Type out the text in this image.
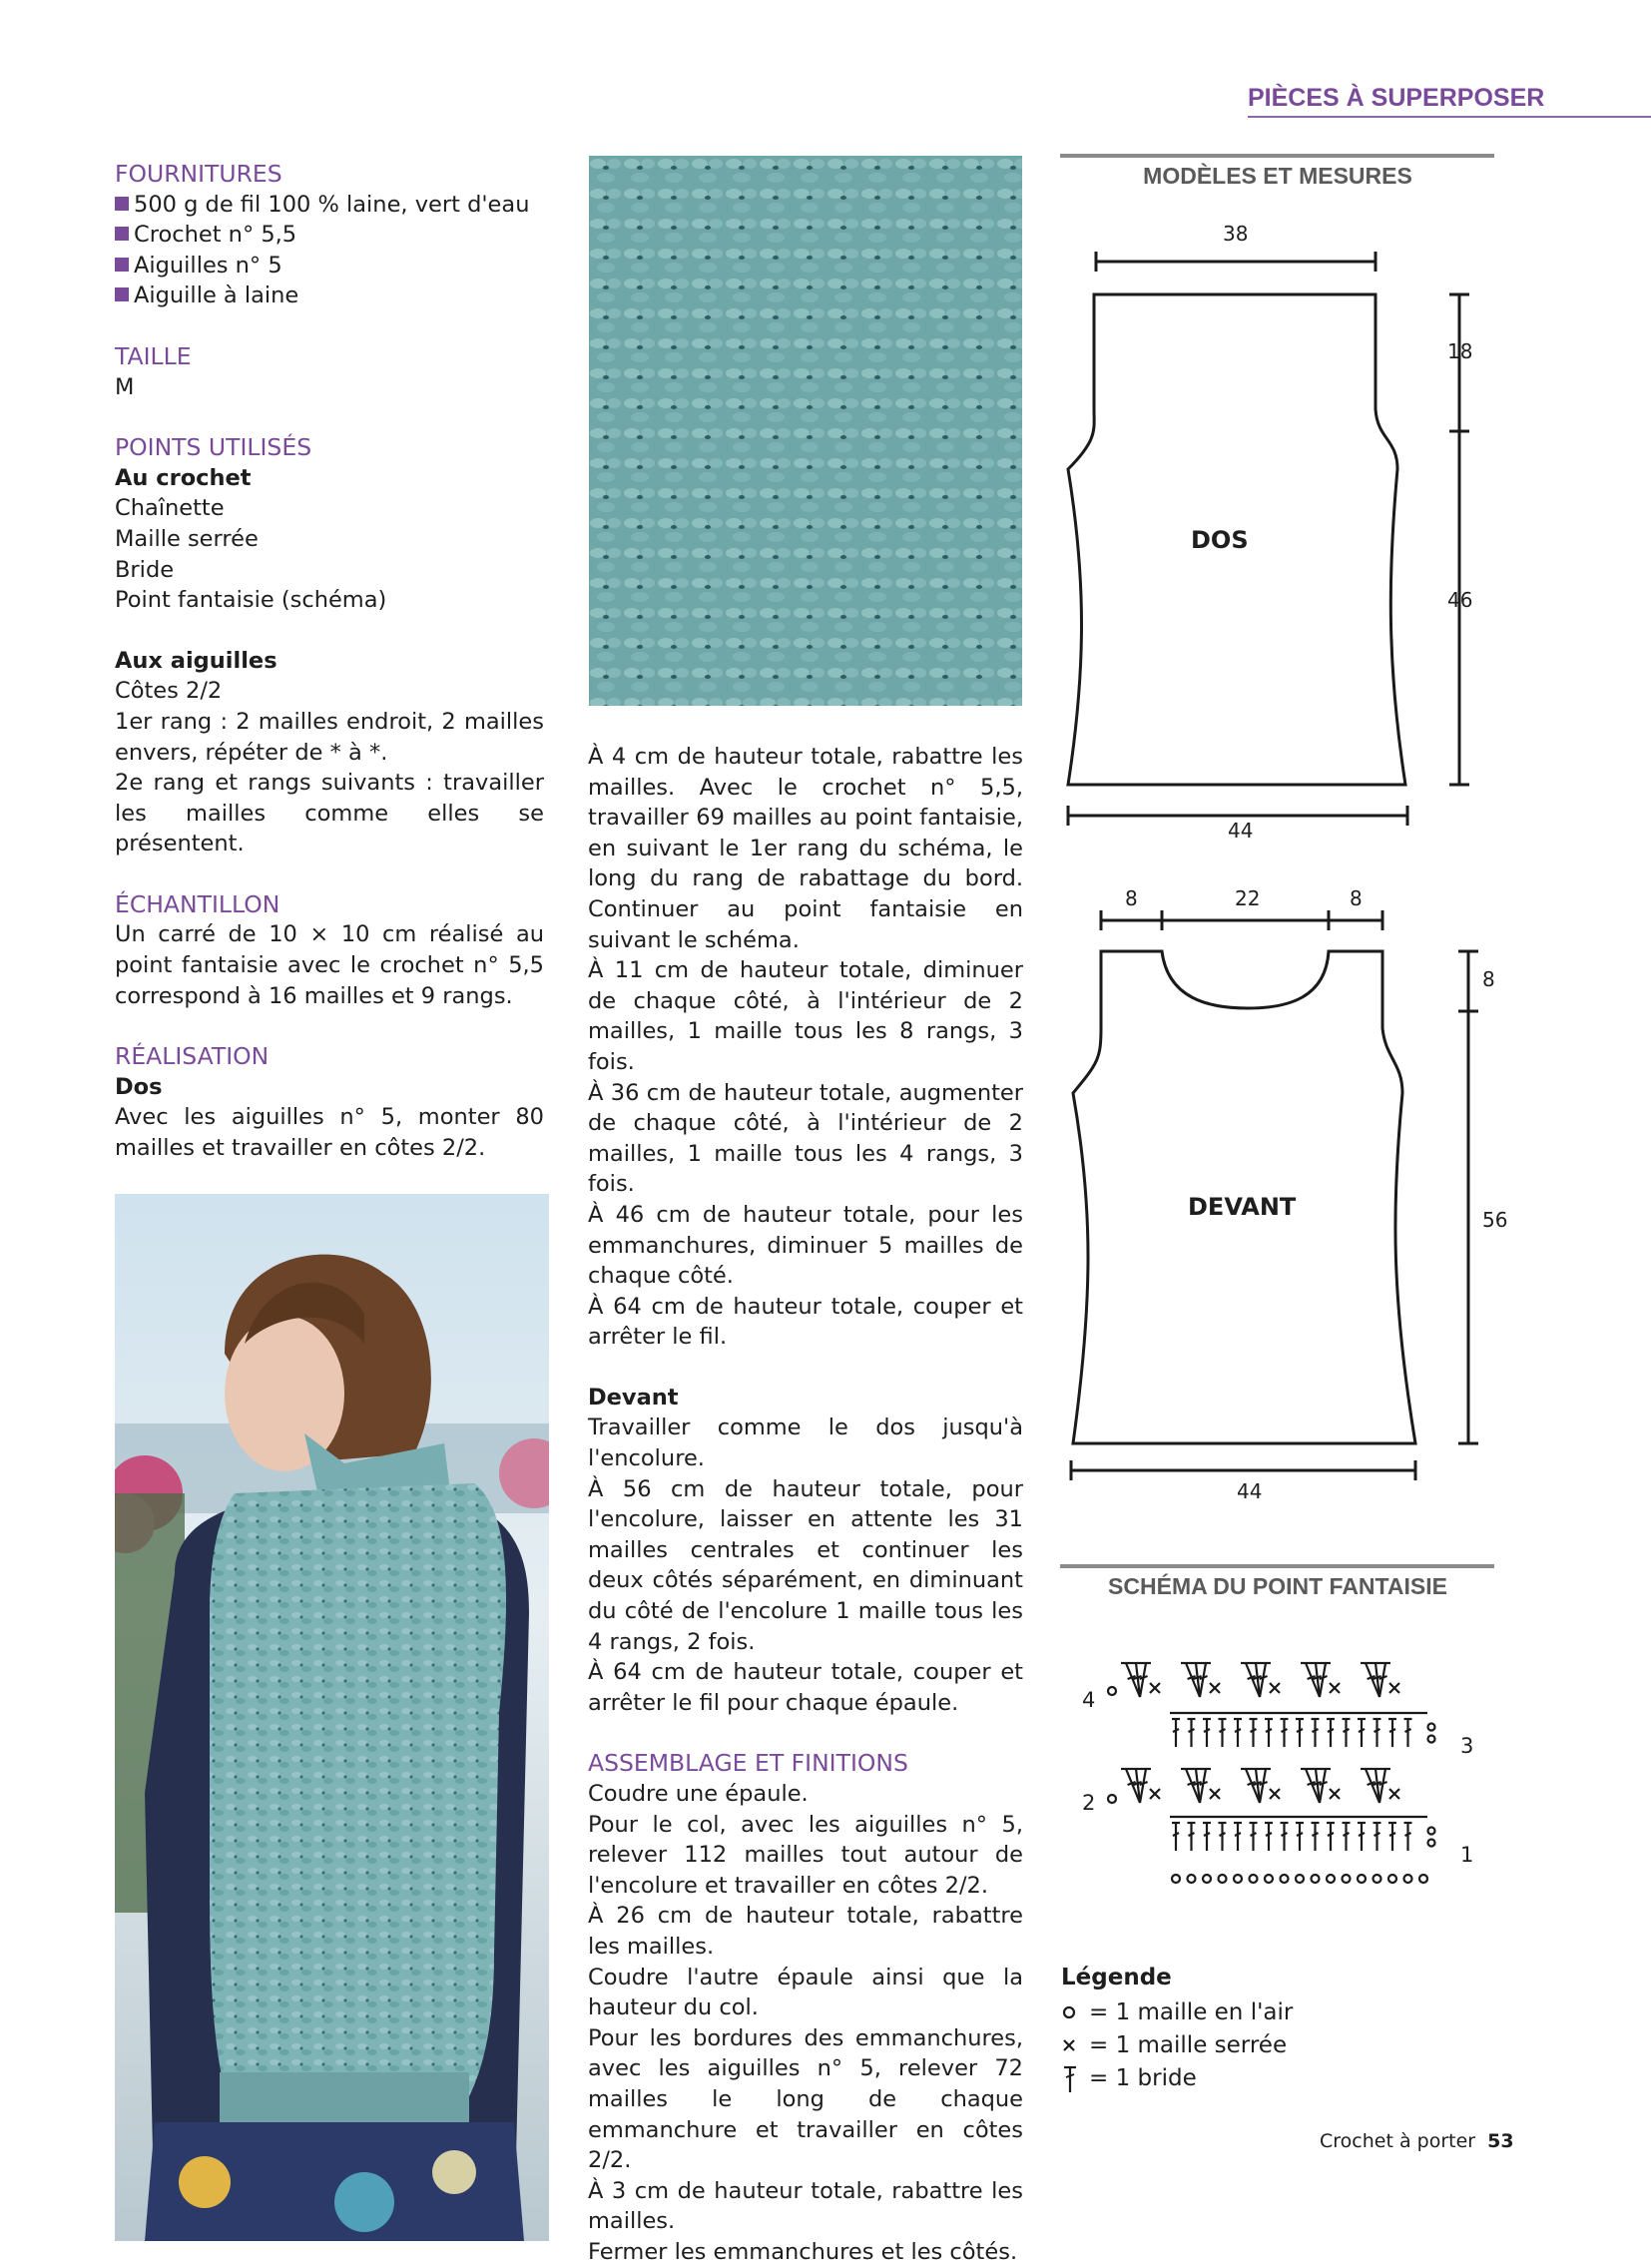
PIÈCES À SUPERPOSER
FOURNITURES
500 g de fil 100 % laine, vert d'eau
Crochet n° 5,5
Aiguilles n° 5
Aiguille à laine
TAILLE
M
POINTS UTILISÉS
Au crochet
Chaînette
Maille serrée
Bride
Point fantaisie (schéma)
Aux aiguilles
Côtes 2/2
1er rang : 2 mailles endroit, 2 mailles envers, répéter de * à *.
2e rang et rangs suivants : travailler les mailles comme elles se présentent.
ÉCHANTILLON
Un carré de 10 × 10 cm réalisé au point fantaisie avec le crochet n° 5,5 correspond à 16 mailles et 9 rangs.
RÉALISATION
Dos
Avec les aiguilles n° 5, monter 80 mailles et travailler en côtes 2/2.
À 4 cm de hauteur totale, rabattre les mailles. Avec le crochet n° 5,5, travailler 69 mailles au point fantaisie, en suivant le 1er rang du schéma, le long du rang de rabattage du bord. Continuer au point fantaisie en suivant le schéma.
À 11 cm de hauteur totale, diminuer de chaque côté, à l'intérieur de 2 mailles, 1 maille tous les 8 rangs, 3 fois.
À 36 cm de hauteur totale, augmenter de chaque côté, à l'intérieur de 2 mailles, 1 maille tous les 4 rangs, 3 fois.
À 46 cm de hauteur totale, pour les emmanchures, diminuer 5 mailles de chaque côté.
À 64 cm de hauteur totale, couper et arrêter le fil.
Devant
Travailler comme le dos jusqu'à l'encolure.
À 56 cm de hauteur totale, pour l'encolure, laisser en attente les 31 mailles centrales et continuer les deux côtés séparément, en diminuant du côté de l'encolure 1 maille tous les 4 rangs, 2 fois.
À 64 cm de hauteur totale, couper et arrêter le fil pour chaque épaule.
ASSEMBLAGE ET FINITIONS
Coudre une épaule.
Pour le col, avec les aiguilles n° 5, relever 112 mailles tout autour de l'encolure et travailler en côtes 2/2.
À 26 cm de hauteur totale, rabattre les mailles.
Coudre l'autre épaule ainsi que la hauteur du col.
Pour les bordures des emmanchures, avec les aiguilles n° 5, relever 72 mailles le long de chaque emmanchure et travailler en côtes 2/2.
À 3 cm de hauteur totale, rabattre les mailles.
Fermer les emmanchures et les côtés.
MODÈLES ET MESURES
38
DOS
44
18
46
8	22	8
DEVANT
44
8
56
SCHÉMA DU POINT FANTAISIE
4
3
2
1
Légende
= 1 maille en l'air
= 1 maille serrée
= 1 bride
Crochet à porter 53
